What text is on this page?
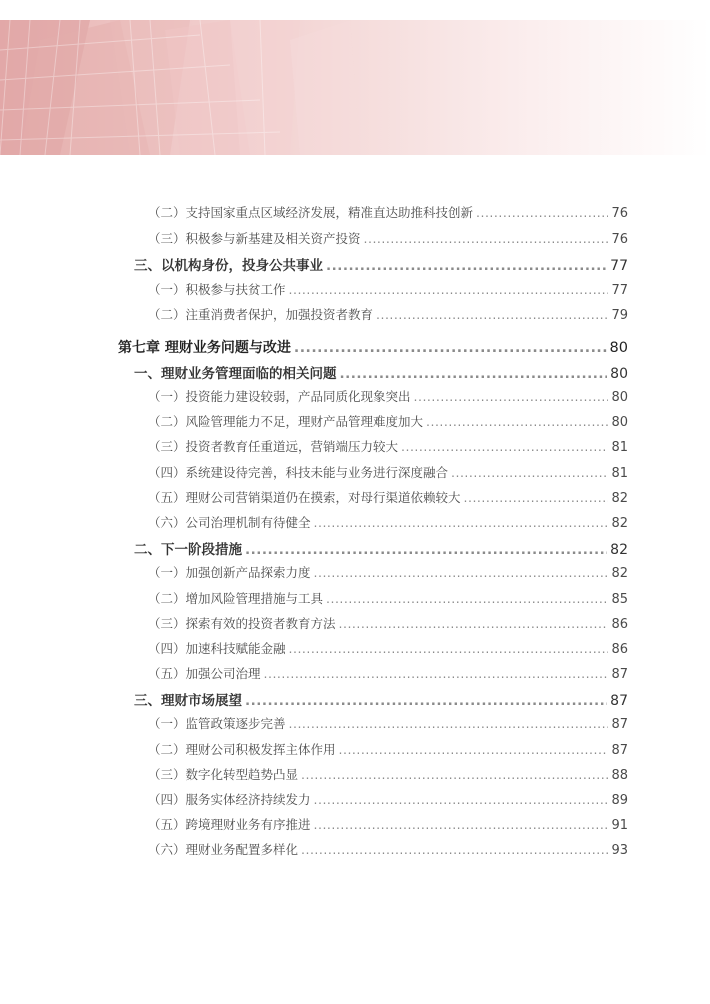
（二）支持国家重点区域经济发展，精准直达助推科技创新 .....	76
（三）积极参与新基建及相关资产投资 .....	76
三、以机构身份，投身公共事业 .....	77
（一）积极参与扶贫工作 .....	77
（二）注重消费者保护，加强投资者教育 .....	79
第七章 理财业务问题与改进 .....	80
一、理财业务管理面临的相关问题 .....	80
（一）投资能力建设较弱，产品同质化现象突出 .....	80
（二）风险管理能力不足，理财产品管理难度加大 .....	80
（三）投资者教育任重道远，营销端压力较大 .....	81
（四）系统建设待完善，科技未能与业务进行深度融合 .....	81
（五）理财公司营销渠道仍在摸索，对母行渠道依赖较大 .....	82
（六）公司治理机制有待健全 .....	82
二、下一阶段措施 .....	82
（一）加强创新产品探索力度 .....	82
（二）增加风险管理措施与工具 .....	85
（三）探索有效的投资者教育方法 .....	86
（四）加速科技赋能金融 .....	86
（五）加强公司治理 .....	87
三、理财市场展望 .....	87
（一）监管政策逐步完善 .....	87
（二）理财公司积极发挥主体作用 .....	87
（三）数字化转型趋势凸显 .....	88
（四）服务实体经济持续发力 .....	89
（五）跨境理财业务有序推进 .....	91
（六）理财业务配置多样化 .....	93
